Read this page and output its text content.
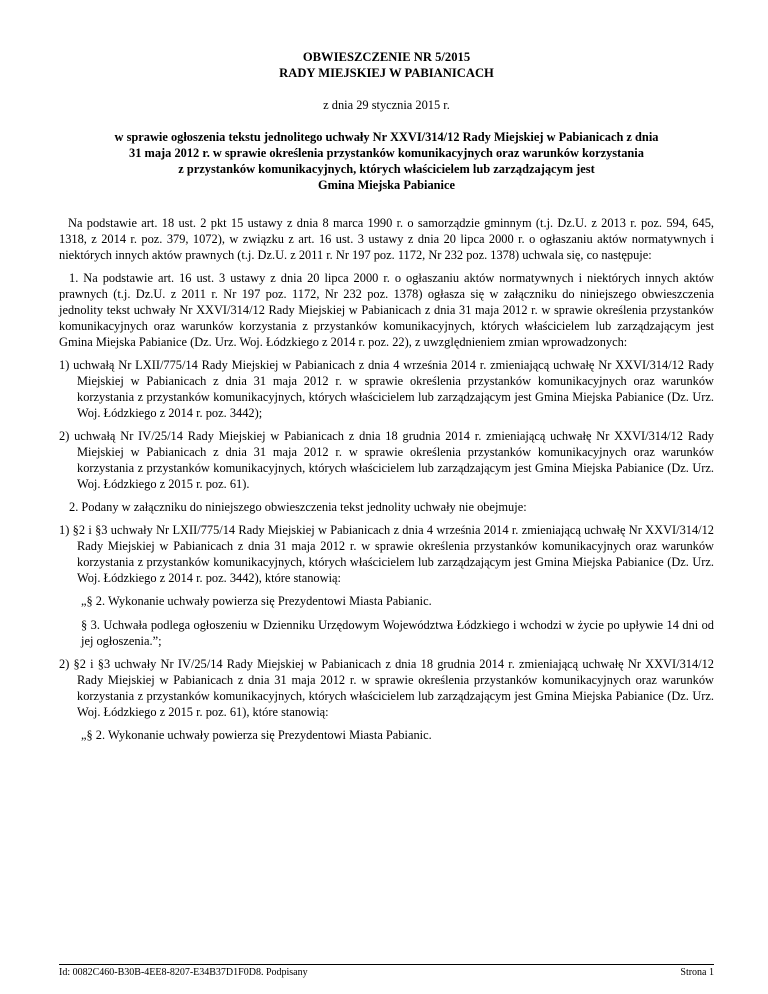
OBWIESZCZENIE NR 5/2015

RADY MIEJSKIEJ W PABIANICACH

z dnia 29 stycznia 2015 r.

w sprawie ogłoszenia tekstu jednolitego uchwały Nr XXVI/314/12 Rady Miejskiej w Pabianicach z dnia
31 maja 2012 r. w sprawie określenia przystanków komunikacyjnych oraz warunków korzystania
z przystanków komunikacyjnych, których właścicielem lub zarządzającym jest
Gmina Miejska Pabianice

Na podstawie art. 18 ust. 2 pkt 15 ustawy z dnia 8 marca 1990 r. o samorządzie gminnym (t.j. Dz.U. z 2013 r. poz. 594, 645, 1318, z 2014 r. poz. 379, 1072), w związku z art. 16 ust. 3 ustawy z dnia 20 lipca 2000 r. o ogłaszaniu aktów normatywnych i niektórych innych aktów prawnych (t.j. Dz.U. z 2011 r. Nr 197 poz. 1172, Nr 232 poz. 1378) uchwala się, co następuje:

1. Na podstawie art. 16 ust. 3 ustawy z dnia 20 lipca 2000 r. o ogłaszaniu aktów normatywnych i niektórych innych aktów prawnych (t.j. Dz.U. z 2011 r. Nr 197 poz. 1172, Nr 232 poz. 1378) ogłasza się w załączniku do niniejszego obwieszczenia jednolity tekst uchwały Nr XXVI/314/12 Rady Miejskiej w Pabianicach z dnia 31 maja 2012 r. w sprawie określenia przystanków komunikacyjnych oraz warunków korzystania z przystanków komunikacyjnych, których właścicielem lub zarządzającym jest Gmina Miejska Pabianice (Dz. Urz. Woj. Łódzkiego z 2014 r. poz. 22), z uwzględnieniem zmian wprowadzonych:

1) uchwałą Nr LXII/775/14 Rady Miejskiej w Pabianicach z dnia 4 września 2014 r. zmieniającą uchwałę Nr XXVI/314/12 Rady Miejskiej w Pabianicach z dnia 31 maja 2012 r. w sprawie określenia przystanków komunikacyjnych oraz warunków korzystania z przystanków komunikacyjnych, których właścicielem lub zarządzającym jest Gmina Miejska Pabianice (Dz. Urz. Woj. Łódzkiego z 2014 r. poz. 3442);

2) uchwałą Nr IV/25/14 Rady Miejskiej w Pabianicach z dnia 18 grudnia 2014 r. zmieniającą uchwałę Nr XXVI/314/12 Rady Miejskiej w Pabianicach z dnia 31 maja 2012 r. w sprawie określenia przystanków komunikacyjnych oraz warunków korzystania z przystanków komunikacyjnych, których właścicielem lub zarządzającym jest Gmina Miejska Pabianice (Dz. Urz. Woj. Łódzkiego z 2015 r. poz. 61).

2. Podany w załączniku do niniejszego obwieszczenia tekst jednolity uchwały nie obejmuje:

1) §2 i §3 uchwały Nr LXII/775/14 Rady Miejskiej w Pabianicach z dnia 4 września 2014 r. zmieniającą uchwałę Nr XXVI/314/12 Rady Miejskiej w Pabianicach z dnia 31 maja 2012 r. w sprawie określenia przystanków komunikacyjnych oraz warunków korzystania z przystanków komunikacyjnych, których właścicielem lub zarządzającym jest Gmina Miejska Pabianice (Dz. Urz. Woj. Łódzkiego z 2014 r. poz. 3442), które stanowią:

„§ 2. Wykonanie uchwały powierza się Prezydentowi Miasta Pabianic.

§ 3. Uchwała podlega ogłoszeniu w Dzienniku Urzędowym Województwa Łódzkiego i wchodzi w życie po upływie 14 dni od jej ogłoszenia.”;

2) §2 i §3 uchwały Nr IV/25/14 Rady Miejskiej w Pabianicach z dnia 18 grudnia 2014 r. zmieniającą uchwałę Nr XXVI/314/12 Rady Miejskiej w Pabianicach z dnia 31 maja 2012 r. w sprawie określenia przystanków komunikacyjnych oraz warunków korzystania z przystanków komunikacyjnych, których właścicielem lub zarządzającym jest Gmina Miejska Pabianice (Dz. Urz. Woj. Łódzkiego z 2015 r. poz. 61), które stanowią:

„§ 2. Wykonanie uchwały powierza się Prezydentowi Miasta Pabianic.

Id: 0082C460-B30B-4EE8-8207-E34B37D1F0D8. Podpisany	Strona 1
